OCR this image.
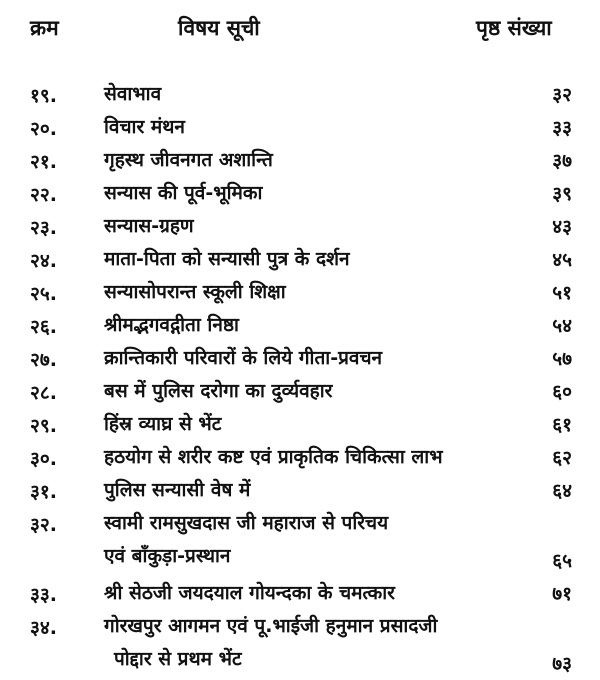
क्रम	विषय सूची	पृष्ठ संख्या
१९. सेवाभाव	३२
२०. विचार मंथन	३३
२१. गृहस्थ जीवनगत अशान्ति	३७
२२. सन्यास की पूर्व-भूमिका	३९
२३. सन्यास-ग्रहण	४३
२४. माता-पिता को सन्यासी पुत्र के दर्शन	४५
२५. सन्यासोपरान्त स्कूली शिक्षा	५१
२६. श्रीमद्भगवद्गीता निष्ठा	५४
२७. क्रान्तिकारी परिवारों के लिये गीता-प्रवचन	५७
२८. बस में पुलिस दरोगा का दुर्व्यवहार	६०
२९. हिंस्र व्याघ्र से भेंट	६१
३०. हठयोग से शरीर कष्ट एवं प्राकृतिक चिकित्सा लाभ	६२
३१. पुलिस सन्यासी वेष में	६४
३२. स्वामी रामसुखदास जी महाराज से परिचय
एवं बाँकुड़ा-प्रस्थान	६५
३३. श्री सेठजी जयदयाल गोयन्दका के चमत्कार	७१
३४. गोरखपुर आगमन एवं पू.भाईजी हनुमान प्रसादजी
पोद्दार से प्रथम भेंट	७३
